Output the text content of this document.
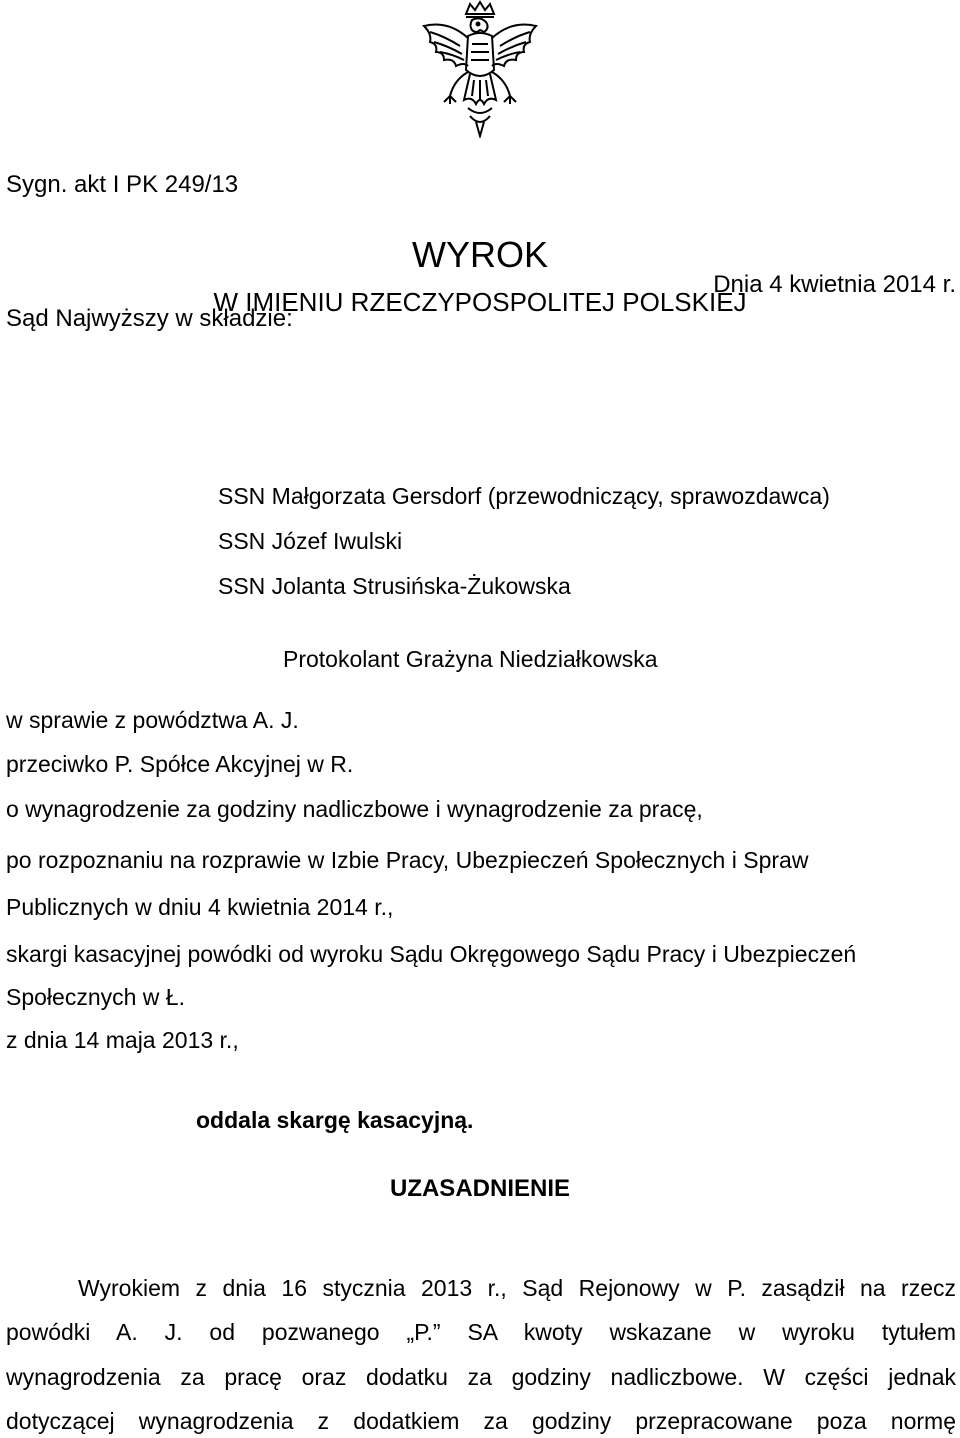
Sygn. akt I PK 249/13
Dnia 4 kwietnia 2014 r.
WYROK
W IMIENIU RZECZYPOSPOLITEJ POLSKIEJ
Sąd Najwyższy w składzie:
SSN Małgorzata Gersdorf (przewodniczący, sprawozdawca)
SSN Józef Iwulski
SSN Jolanta Strusińska-Żukowska
Protokolant Grażyna Niedziałkowska
w sprawie z powództwa A. J.
przeciwko P. Spółce Akcyjnej w R.
o wynagrodzenie za godziny nadliczbowe i wynagrodzenie za pracę,
po rozpoznaniu na rozprawie w Izbie Pracy, Ubezpieczeń Społecznych i Spraw
Publicznych w dniu 4 kwietnia 2014 r.,
skargi kasacyjnej powódki od wyroku Sądu Okręgowego Sądu Pracy i Ubezpieczeń
Społecznych w Ł.
z dnia 14 maja 2013 r.,
oddala skargę kasacyjną.
UZASADNIENIE
Wyrokiem z dnia 16 stycznia 2013 r., Sąd Rejonowy w P. zasądził na rzecz
powódki A. J. od pozwanego „P.” SA kwoty wskazane w wyroku tytułem
wynagrodzenia za pracę oraz dodatku za godziny nadliczbowe. W części jednak
dotyczącej wynagrodzenia z dodatkiem za godziny przepracowane poza normę
